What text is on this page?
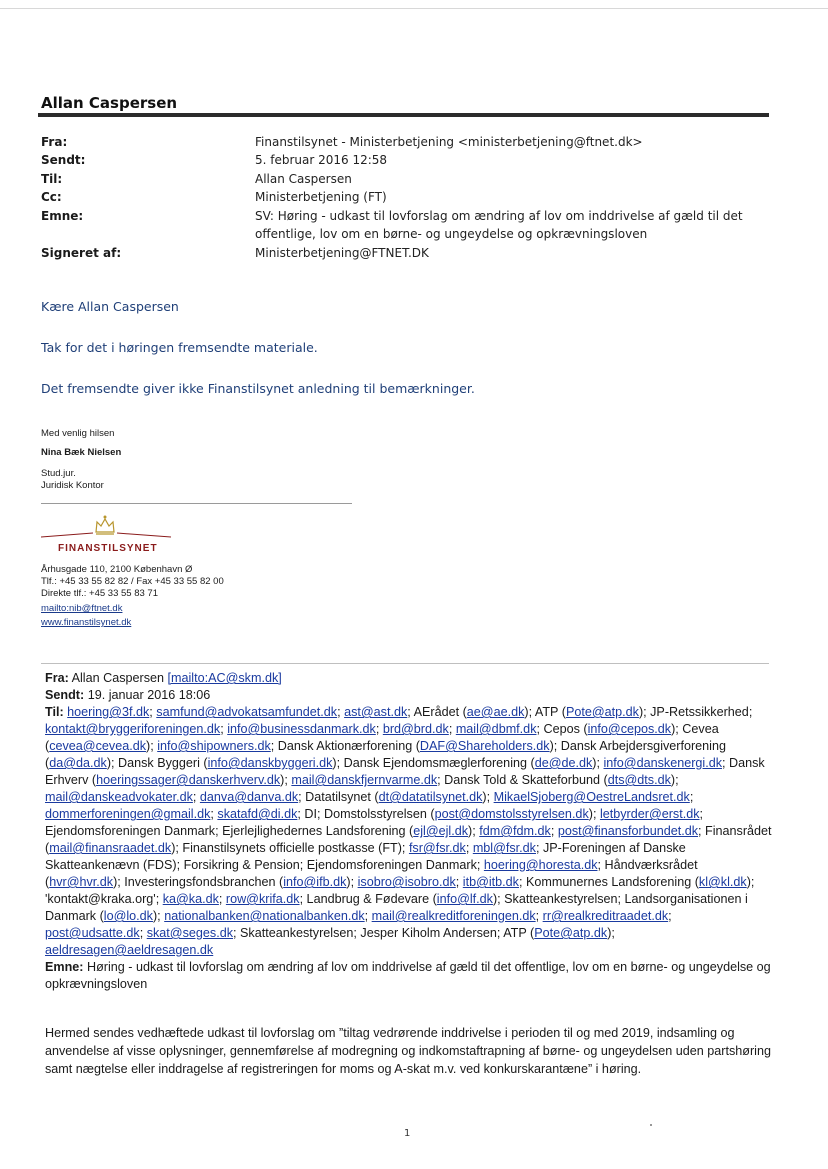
Allan Caspersen
Fra:	Finanstilsynet - Ministerbetjening <ministerbetjening@ftnet.dk>
Sendt:	5. februar 2016 12:58
Til:	Allan Caspersen
Cc:	Ministerbetjening (FT)
Emne:	SV: Høring - udkast til lovforslag om ændring af lov om inddrivelse af gæld til det offentlige, lov om en børne- og ungeydelse og opkrævningsloven
Signeret af:	Ministerbetjening@FTNET.DK
Kære Allan Caspersen
Tak for det i høringen fremsendte materiale.
Det fremsendte giver ikke Finanstilsynet anledning til bemærkninger.
Med venlig hilsen
Nina Bæk Nielsen
Stud.jur.
Juridisk Kontor
FINANSTILSYNET
Århusgade 110, 2100 København Ø
Tlf.: +45 33 55 82 82 / Fax +45 33 55 82 00
Direkte tlf.: +45 33 55 83 71
mailto:nib@ftnet.dk
www.finanstilsynet.dk
Fra: Allan Caspersen [mailto:AC@skm.dk]
Sendt: 19. januar 2016 18:06
Til: hoering@3f.dk; samfund@advokatsamfundet.dk; ast@ast.dk; AErådet (ae@ae.dk); ATP (Pote@atp.dk); JP-Retssikkerhed; kontakt@bryggeriforeningen.dk; info@businessdanmark.dk; brd@brd.dk; mail@dbmf.dk; Cepos (info@cepos.dk); Cevea (cevea@cevea.dk); info@shipowners.dk; Dansk Aktionærforening (DAF@Shareholders.dk); Dansk Arbejdersgiverforening (da@da.dk); Dansk Byggeri (info@danskbyggeri.dk); Dansk Ejendomsmæglerforening (de@de.dk); info@danskenergi.dk; Dansk Erhverv (hoeringssager@danskerhverv.dk); mail@danskfjernvarme.dk; Dansk Told & Skatteforbund (dts@dts.dk); mail@danskeadvokater.dk; danva@danva.dk; Datatilsynet (dt@datatilsynet.dk); MikaelSjoberg@OestreLandsret.dk; dommerforeningen@gmail.dk; skatafd@di.dk; DI; Domstolsstyrelsen (post@domstolsstyrelsen.dk); letbyrder@erst.dk; Ejendomsforeningen Danmark; Ejerlejlighedernes Landsforening (ejl@ejl.dk); fdm@fdm.dk; post@finansforbundet.dk; Finansrådet (mail@finansraadet.dk); Finanstilsynets officielle postkasse (FT); fsr@fsr.dk; mbl@fsr.dk; JP-Foreningen af Danske Skatteankenævn (FDS); Forsikring & Pension; Ejendomsforeningen Danmark; hoering@horesta.dk; Håndværksrådet (hvr@hvr.dk); Investeringsfondsbranchen (info@ifb.dk); isobro@isobro.dk; itb@itb.dk; Kommunernes Landsforening (kl@kl.dk); 'kontakt@kraka.org'; ka@ka.dk; row@krifa.dk; Landbrug & Fødevare (info@lf.dk); Skatteankestyrelsen; Landsorganisationen i Danmark (lo@lo.dk); nationalbanken@nationalbanken.dk; mail@realkreditforeningen.dk; rr@realkreditraadet.dk; post@udsatte.dk; skat@seges.dk; Skatteankestyrelsen; Jesper Kiholm Andersen; ATP (Pote@atp.dk); aeldresagen@aeldresagen.dk
Emne: Høring - udkast til lovforslag om ændring af lov om inddrivelse af gæld til det offentlige, lov om en børne- og ungeydelse og opkrævningsloven
Hermed sendes vedhæftede udkast til lovforslag om ”tiltag vedrørende inddrivelse i perioden til og med 2019, indsamling og anvendelse af visse oplysninger, gennemførelse af modregning og indkomstaftrapning af børne- og ungeydelsen uden partshøring samt nægtelse eller inddragelse af registreringen for moms og A-skat m.v. ved konkurskarantæne” i høring.
1
